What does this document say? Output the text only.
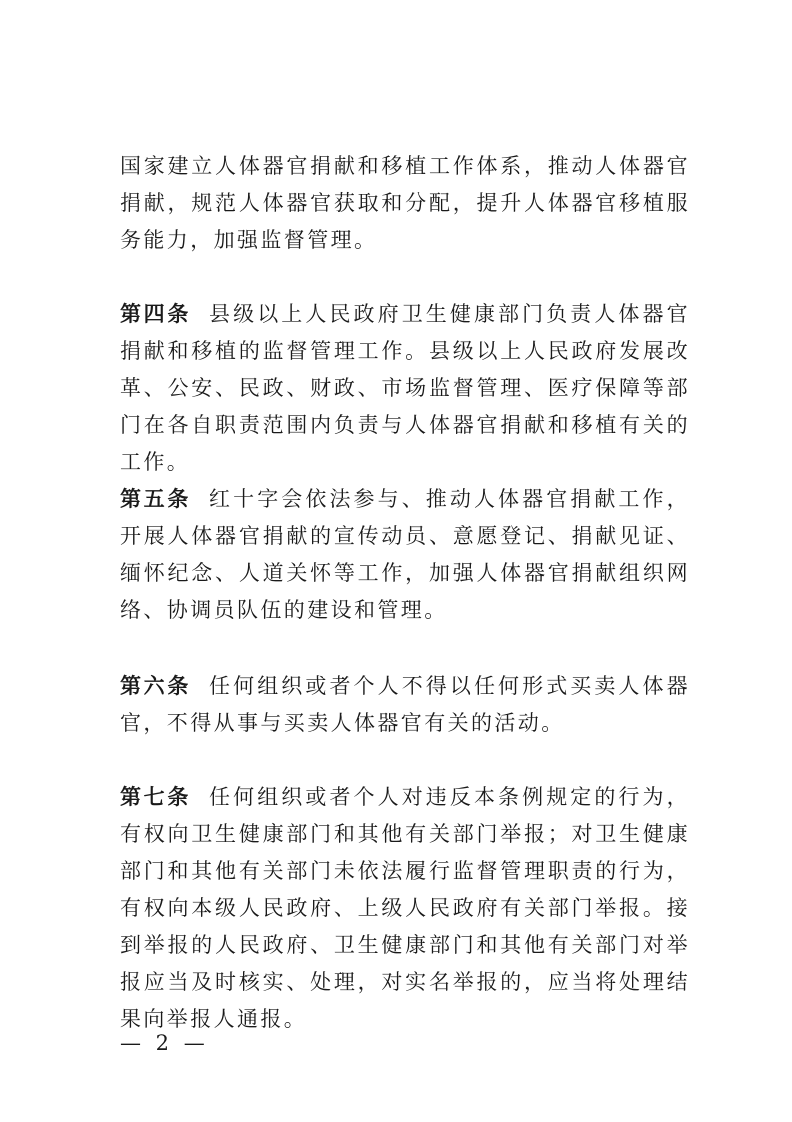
国家建立人体器官捐献和移植工作体系，推动人体器官捐献，规范人体器官获取和分配，提升人体器官移植服务能力，加强监督管理。

第四条 县级以上人民政府卫生健康部门负责人体器官捐献和移植的监督管理工作。县级以上人民政府发展改革、公安、民政、财政、市场监督管理、医疗保障等部门在各自职责范围内负责与人体器官捐献和移植有关的工作。

第五条 红十字会依法参与、推动人体器官捐献工作，开展人体器官捐献的宣传动员、意愿登记、捐献见证、缅怀纪念、人道关怀等工作，加强人体器官捐献组织网络、协调员队伍的建设和管理。

第六条 任何组织或者个人不得以任何形式买卖人体器官，不得从事与买卖人体器官有关的活动。

第七条 任何组织或者个人对违反本条例规定的行为，有权向卫生健康部门和其他有关部门举报；对卫生健康部门和其他有关部门未依法履行监督管理职责的行为，有权向本级人民政府、上级人民政府有关部门举报。接到举报的人民政府、卫生健康部门和其他有关部门对举报应当及时核实、处理，对实名举报的，应当将处理结果向举报人通报。

— 2 —
